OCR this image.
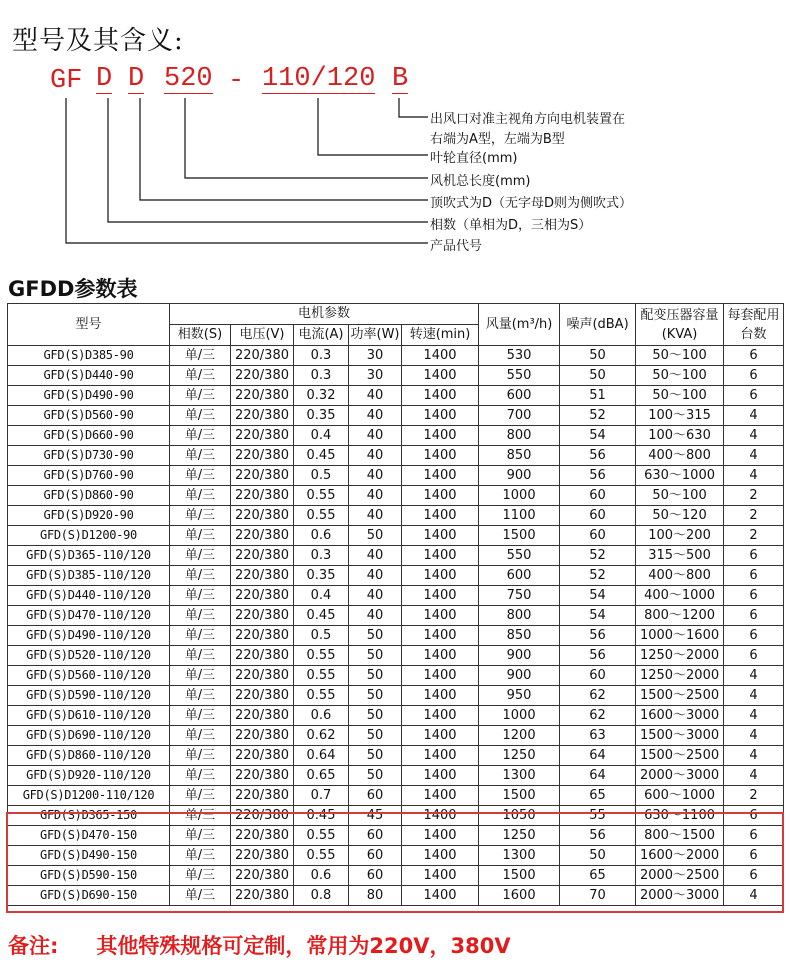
型号及其含义:
GF D D 520 - 110/120 B
出风口对准主视角方向电机装置在
右端为A型，左端为B型
叶轮直径(mm)
风机总长度(mm)
顶吹式为D（无字母D则为侧吹式）
相数（单相为D，三相为S）
产品代号
GFDD参数表
型号	电机参数					风量(m³/h)	噪声(dBA)	配变压器容量(KVA)	每套配用台数
	相数(S)	电压(V)	电流(A)	功率(W)	转速(min)				
GFD(S)D385-90	单/三	220/380	0.3	30	1400	530	50	50～100	6
GFD(S)D440-90	单/三	220/380	0.3	30	1400	550	50	50～100	6
GFD(S)D490-90	单/三	220/380	0.32	40	1400	600	51	50～100	6
GFD(S)D560-90	单/三	220/380	0.35	40	1400	700	52	100～315	4
GFD(S)D660-90	单/三	220/380	0.4	40	1400	800	54	100～630	4
GFD(S)D730-90	单/三	220/380	0.45	40	1400	850	56	400～800	4
GFD(S)D760-90	单/三	220/380	0.5	40	1400	900	56	630～1000	4
GFD(S)D860-90	单/三	220/380	0.55	40	1400	1000	60	50～100	2
GFD(S)D920-90	单/三	220/380	0.55	40	1400	1100	60	50～120	2
GFD(S)D1200-90	单/三	220/380	0.6	50	1400	1500	60	100～200	2
GFD(S)D365-110/120	单/三	220/380	0.3	40	1400	550	52	315～500	6
GFD(S)D385-110/120	单/三	220/380	0.35	40	1400	600	52	400～800	6
GFD(S)D440-110/120	单/三	220/380	0.4	40	1400	750	54	400～1000	6
GFD(S)D470-110/120	单/三	220/380	0.45	40	1400	800	54	800～1200	6
GFD(S)D490-110/120	单/三	220/380	0.5	50	1400	850	56	1000～1600	6
GFD(S)D520-110/120	单/三	220/380	0.55	50	1400	900	56	1250～2000	6
GFD(S)D560-110/120	单/三	220/380	0.55	50	1400	900	60	1250～2000	4
GFD(S)D590-110/120	单/三	220/380	0.55	50	1400	950	62	1500～2500	4
GFD(S)D610-110/120	单/三	220/380	0.6	50	1400	1000	62	1600～3000	4
GFD(S)D690-110/120	单/三	220/380	0.62	50	1400	1200	63	1500～3000	4
GFD(S)D860-110/120	单/三	220/380	0.64	50	1400	1250	64	1500～2500	4
GFD(S)D920-110/120	单/三	220/380	0.65	50	1400	1300	64	2000～3000	4
GFD(S)D1200-110/120	单/三	220/380	0.7	60	1400	1500	65	600～1000	2
GFD(S)D365-150	单/三	220/380	0.45	45	1400	1050	55	630～1100	6
GFD(S)D470-150	单/三	220/380	0.55	60	1400	1250	56	800～1500	6
GFD(S)D490-150	单/三	220/380	0.55	60	1400	1300	50	1600～2000	6
GFD(S)D590-150	单/三	220/380	0.6	60	1400	1500	65	2000～2500	6
GFD(S)D690-150	单/三	220/380	0.8	80	1400	1600	70	2000～3000	4
备注: 其他特殊规格可定制，常用为220V，380V
